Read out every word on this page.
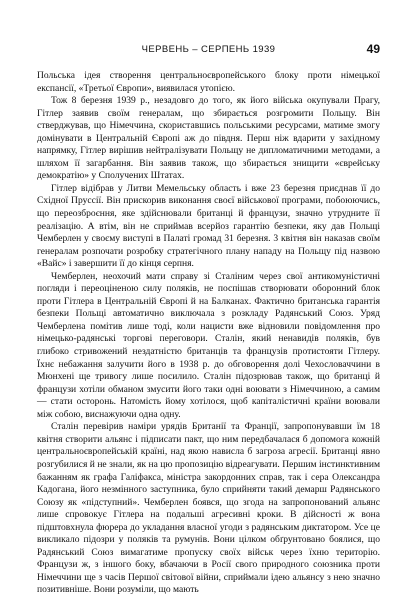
ЧЕРВЕНЬ – СЕРПЕНЬ 1939	49

Польська ідея створення центральноєвропейського блоку проти німецької експансії, «Третьої Європи», виявилася утопією.

Тож 8 березня 1939 р., незадовго до того, як його війська окупували Прагу, Гітлер заявив своїм генералам, що збирається розгромити Польщу. Він стверджував, що Німеччина, скориставшись польськими ресурсами, матиме змогу домінувати в Центральній Європі аж до півдня. Перш ніж вдарити у західному напрямку, Гітлер вирішив нейтралізувати Польщу не дипломатичними методами, а шляхом її загарбання. Він заявив також, що збирається знищити «єврейську демократію» у Сполучених Штатах.

Гітлер відібрав у Литви Мемельську область і вже 23 березня приєднав її до Східної Пруссії. Він прискорив виконання своєї військової програми, побоюючись, що переозброєння, яке здійснювали британці й французи, значно утрудните її реалізацію. А втім, він не сприймав всерйоз гарантію безпеки, яку дав Польщі Чемберлен у своєму виступі в Палаті громад 31 березня. 3 квітня він наказав своїм генералам розпочати розробку стратегічного плану нападу на Польщу під назвою «Вайс» і завершити її до кінця серпня.

Чемберлен, неохочий мати справу зі Сталіним через свої антикомуністичні погляди і переоціненою силу поляків, не поспішав створювати оборонний блок проти Гітлера в Центральній Європі й на Балканах. Фактично британська гарантія безпеки Польщі автоматично виключала з розкладу Радянський Союз. Уряд Чемберлена помітив лише тоді, коли нацисти вже відновили повідомлення про німецько-радянські торгові переговори. Сталін, який ненавидів поляків, був глибоко стривожений нездатністю британців та французів протистояти Гітлеру. Їхнє небажання залучити його в 1938 р. до обговорення долі Чехословаччини в Мюнхені ще тривогу лише посилило. Сталін підозрював також, що британці й французи хотіли обманом змусити його таки одні воювати з Німеччиною, а самим — стати осторонь. Натомість йому хотілося, щоб капіталістичні країни воювали між собою, виснажуючи одна одну.

Сталін перевірив наміри урядів Британії та Франції, запропонувавши їм 18 квітня створити альянс і підписати пакт, що ним передбачалася б допомога кожній центральноєвропейській країні, над якою нависла б загроза агресії. Британці явно розгубилися й не знали, як на цю пропозицію відреагувати. Першим інстинктивним бажанням як графа Галіфакса, міністра закордонних справ, так і сера Олександра Кадогана, його незмінного заступника, було сприйняти такий демарш Радянського Союзу як «підступний». Чемберлен боявся, що згода на запропонований альянс лише спровокує Гітлера на подальші агресивні кроки. В дійсності ж вона підштовхнула фюрера до укладання власної угоди з радянським диктатором. Усе це викликало підозри у поляків та румунів. Вони цілком обґрунтовано боялися, що Радянський Союз вимагатиме пропуску своїх військ через їхню територію. Французи ж, з іншого боку, вбачаючи в Росії свого природного союзника проти Німеччини ще з часів Першої світової війни, сприймали ідею альянсу з нею значно позитивніше. Вони розуміли, що мають
